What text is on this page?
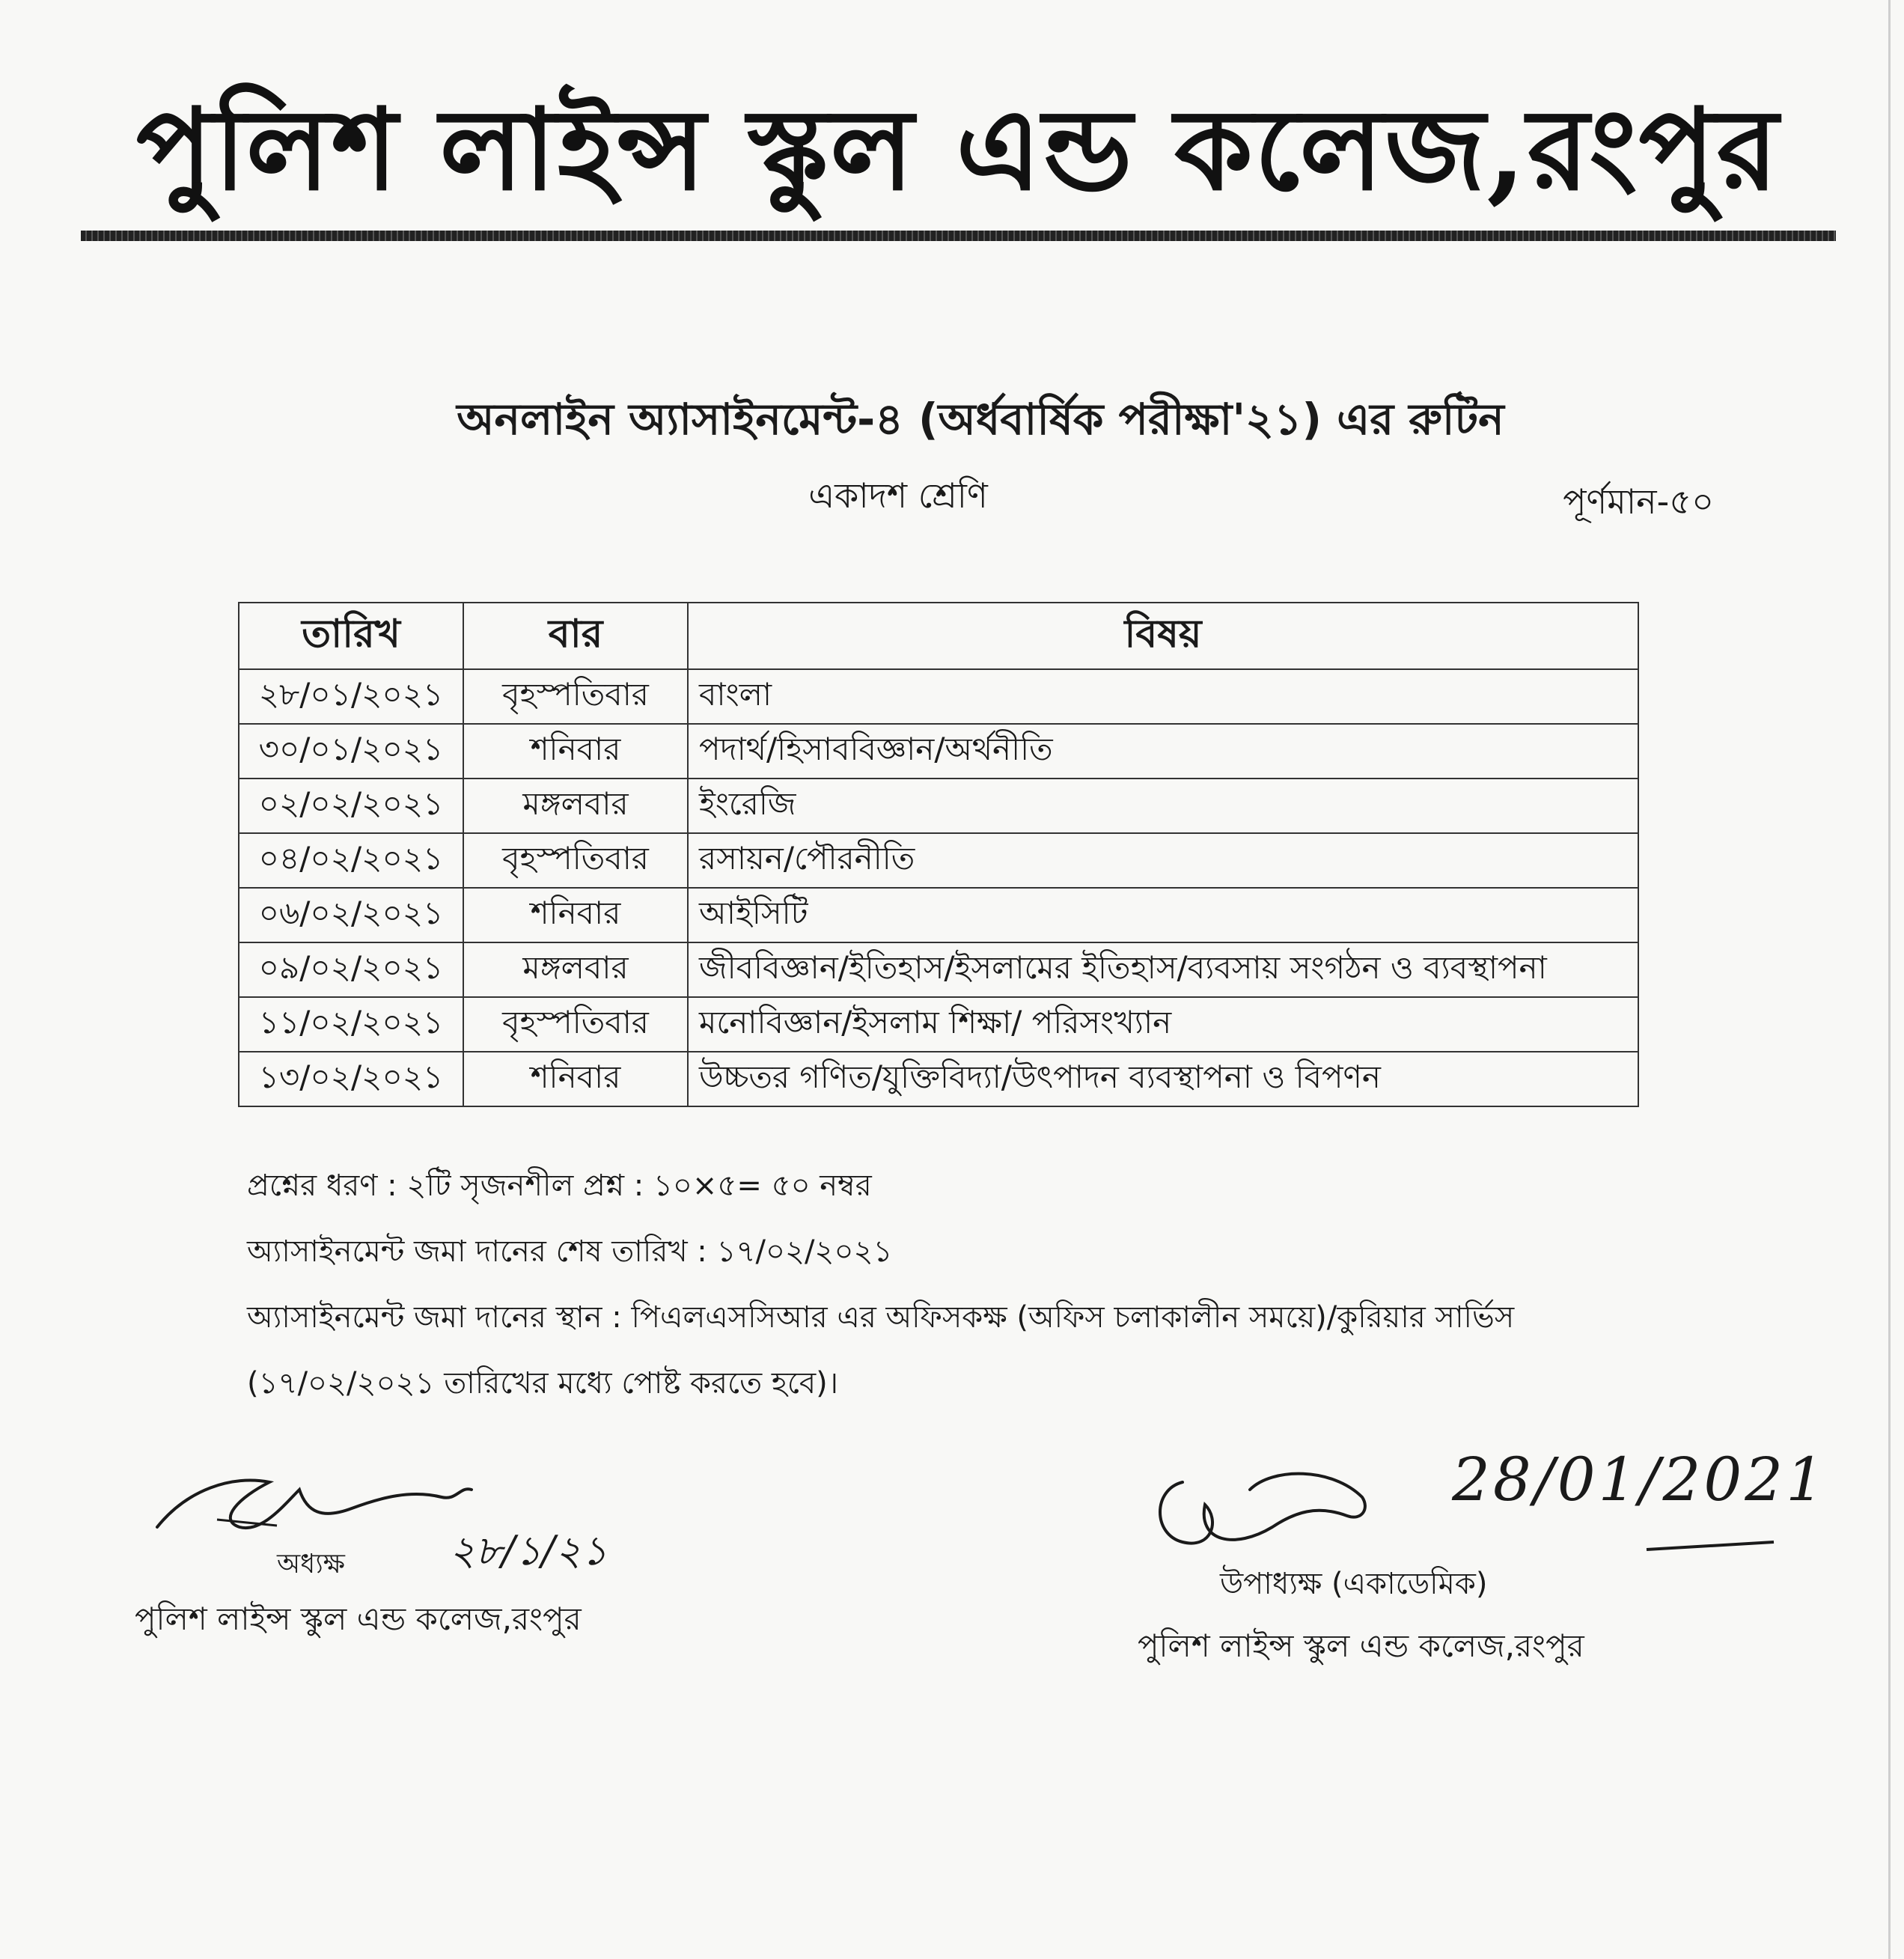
পুলিশ লাইন্স স্কুল এন্ড কলেজ,রংপুর
অনলাইন অ্যাসাইনমেন্ট-৪ (অর্ধবার্ষিক পরীক্ষা'২১) এর রুটিন
একাদশ শ্রেণি	পূর্ণমান-৫০
তারিখ	বার	বিষয়
২৮/০১/২০২১	বৃহস্পতিবার	বাংলা
৩০/০১/২০২১	শনিবার	পদার্থ/হিসাববিজ্ঞান/অর্থনীতি
০২/০২/২০২১	মঙ্গলবার	ইংরেজি
০৪/০২/২০২১	বৃহস্পতিবার	রসায়ন/পৌরনীতি
০৬/০২/২০২১	শনিবার	আইসিটি
০৯/০২/২০২১	মঙ্গলবার	জীববিজ্ঞান/ইতিহাস/ইসলামের ইতিহাস/ব্যবসায় সংগঠন ও ব্যবস্থাপনা
১১/০২/২০২১	বৃহস্পতিবার	মনোবিজ্ঞান/ইসলাম শিক্ষা/ পরিসংখ্যান
১৩/০২/২০২১	শনিবার	উচ্চতর গণিত/যুক্তিবিদ্যা/উৎপাদন ব্যবস্থাপনা ও বিপণন
প্রশ্নের ধরণ : ২টি সৃজনশীল প্রশ্ন : ১০×৫= ৫০ নম্বর
অ্যাসাইনমেন্ট জমা দানের শেষ তারিখ : ১৭/০২/২০২১
অ্যাসাইনমেন্ট জমা দানের স্থান : পিএলএসসিআর এর অফিসকক্ষ (অফিস চলাকালীন সময়ে)/কুরিয়ার সার্ভিস
(১৭/০২/২০২১ তারিখের মধ্যে পোষ্ট করতে হবে)।
২৮/১/২১
অধ্যক্ষ
পুলিশ লাইন্স স্কুল এন্ড কলেজ,রংপুর
28/01/2021
উপাধ্যক্ষ (একাডেমিক)
পুলিশ লাইন্স স্কুল এন্ড কলেজ,রংপুর
